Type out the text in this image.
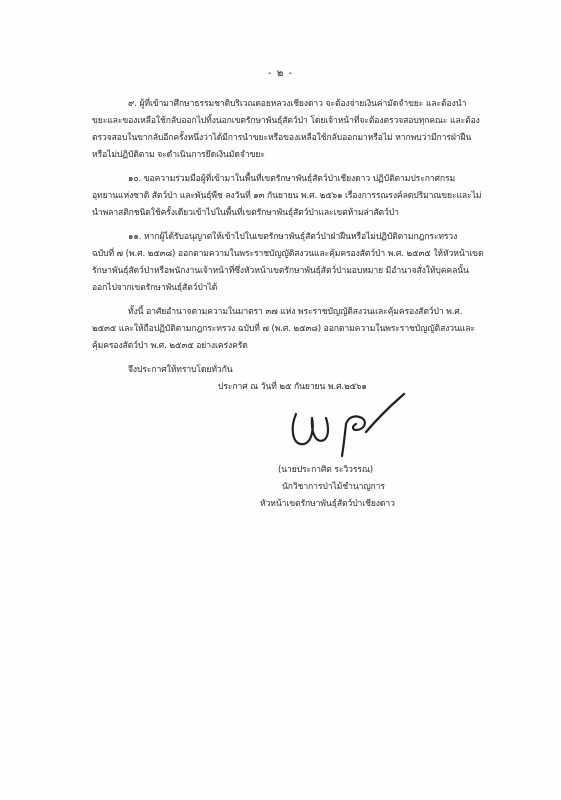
- ๒ -
๙. ผู้ที่เข้ามาศึกษาธรรมชาติบริเวณดอยหลวงเชียงดาว จะต้องจ่ายเงินค่ามัดจำขยะ และต้องนำ
ขยะและของเหลือใช้กลับออกไปทิ้งนอกเขตรักษาพันธุ์สัตว์ป่า โดยเจ้าหน้าที่จะต้องตรวจสอบทุกคณะ และต้อง
ตรวจสอบในขากลับอีกครั้งหนึ่งว่าได้มีการนำขยะหรือของเหลือใช้กลับออกมาหรือไม่ หากพบว่ามีการฝ่าฝืน
หรือไม่ปฏิบัติตาม จะดำเนินการยึดเงินมัดจำขยะ
๑๐. ขอความร่วมมือผู้ที่เข้ามาในพื้นที่เขตรักษาพันธุ์สัตว์ป่าเชียงดาว ปฏิบัติตามประกาศกรม
อุทยานแห่งชาติ สัตว์ป่า และพันธุ์พืช ลงวันที่ ๑๓ กันยายน พ.ศ. ๒๕๖๑ เรื่องการรณรงค์ลดปริมาณขยะและไม่
นำพลาสติกชนิดใช้ครั้งเดียวเข้าไปในพื้นที่เขตรักษาพันธุ์สัตว์ป่าและเขตห้ามล่าสัตว์ป่า
๑๑. หากผู้ได้รับอนุญาตให้เข้าไปในเขตรักษาพันธุ์สัตว์ป่าฝ่าฝืนหรือไม่ปฏิบัติตามกฎกระทรวง
ฉบับที่ ๗ (พ.ศ. ๒๕๓๘) ออกตามความในพระราชบัญญัติสงวนและคุ้มครองสัตว์ป่า พ.ศ. ๒๕๓๕ ให้หัวหน้าเขต
รักษาพันธุ์สัตว์ป่าหรือพนักงานเจ้าหน้าที่ซึ่งหัวหน้าเขตรักษาพันธุ์สัตว์ป่ามอบหมาย มีอำนาจสั่งให้บุคคลนั้น
ออกไปจากเขตรักษาพันธุ์สัตว์ป่าได้
ทั้งนี้ อาศัยอำนาจตามความในมาตรา ๓๗ แห่ง พระราชบัญญัติสงวนและคุ้มครองสัตว์ป่า พ.ศ.
๒๕๓๕ และให้ถือปฏิบัติตามกฎกระทรวง ฉบับที่ ๗ (พ.ศ. ๒๕๓๘) ออกตามความในพระราชบัญญัติสงวนและ
คุ้มครองสัตว์ป่า พ.ศ. ๒๕๓๕ อย่างเคร่งครัด
จึงประกาศให้ทราบโดยทั่วกัน
ประกาศ ณ วันที่ ๒๕ กันยายน พ.ศ.๒๕๖๑
(นายประกาศิต ระวิวรรณ)
นักวิชาการป่าไม้ชำนาญการ
หัวหน้าเขตรักษาพันธุ์สัตว์ป่าเชียงดาว
